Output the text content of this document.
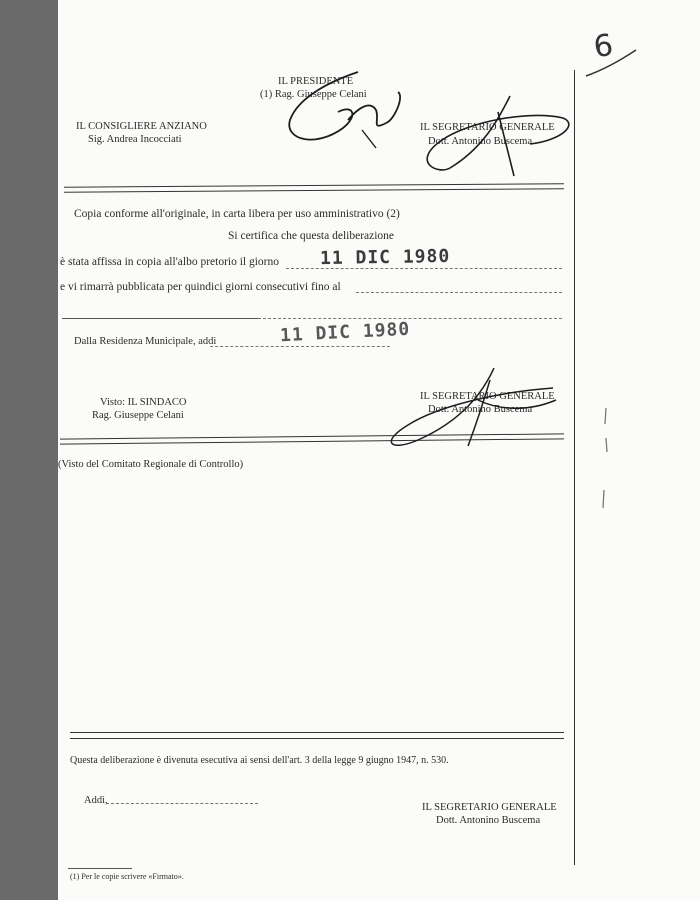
6
IL PRESIDENTE
(1) Rag. Giuseppe Celani
IL CONSIGLIERE ANZIANO
Sig. Andrea Incocciati
IL SEGRETARIO GENERALE
Dott. Antonino Buscema
Copia conforme all'originale, in carta libera per uso amministrativo (2)
Si certifica che questa deliberazione
è stata affissa in copia all'albo pretorio il giorno 11 DIC 1980
e vi rimarrà pubblicata per quindici giorni consecutivi fino al
Dalla Residenza Municipale, addì	11 DIC 1980
Visto: IL SINDACO
Rag. Giuseppe Celani
IL SEGRETARIO GENERALE
Dott. Antonino Buscema
(Visto del Comitato Regionale di Controllo)
Questa deliberazione è divenuta esecutiva ai sensi dell'art. 3 della legge 9 giugno 1947, n. 530.
Addì,
IL SEGRETARIO GENERALE
Dott. Antonino Buscema
(1) Per le copie scrivere «Firmato».
